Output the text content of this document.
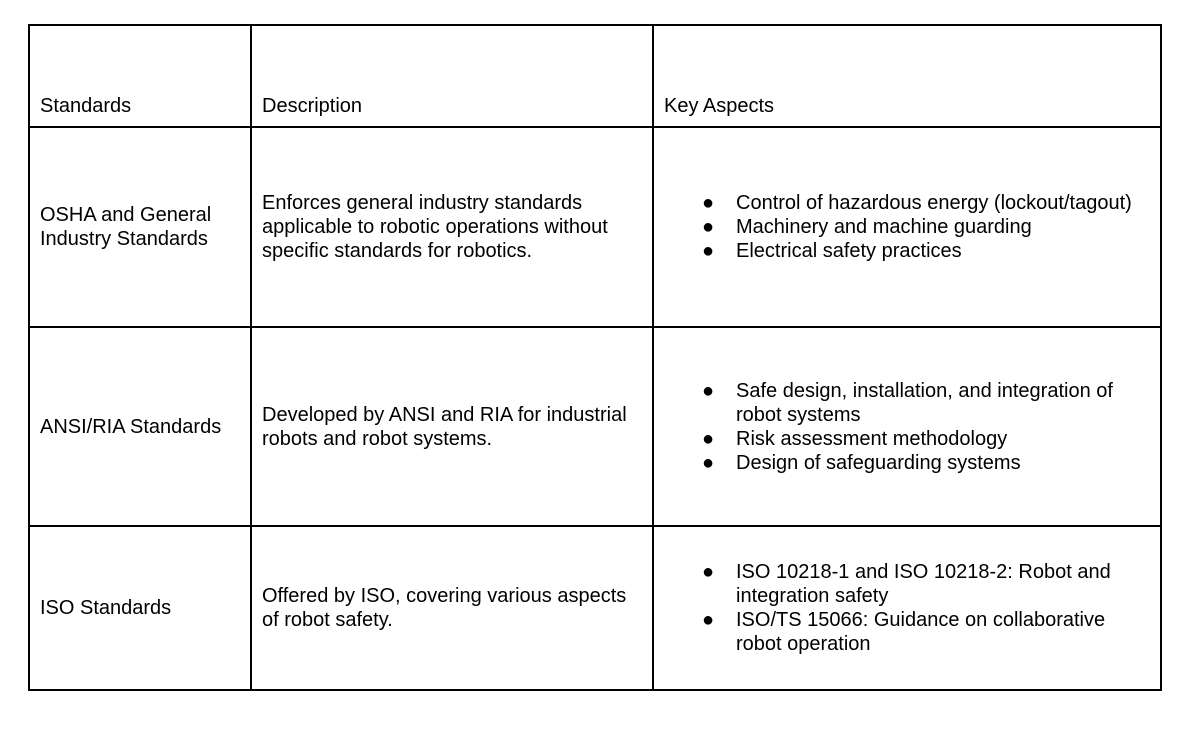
Standards	Description	Key Aspects
OSHA and General Industry Standards	Enforces general industry standards applicable to robotic operations without specific standards for robotics.	
● Control of hazardous energy (lockout/tagout)
● Machinery and machine guarding
● Electrical safety practices

ANSI/RIA Standards	Developed by ANSI and RIA for industrial robots and robot systems.	
● Safe design, installation, and integration of robot systems
● Risk assessment methodology
● Design of safeguarding systems

ISO Standards	Offered by ISO, covering various aspects of robot safety.	
● ISO 10218-1 and ISO 10218-2: Robot and integration safety
● ISO/TS 15066: Guidance on collaborative robot operation
